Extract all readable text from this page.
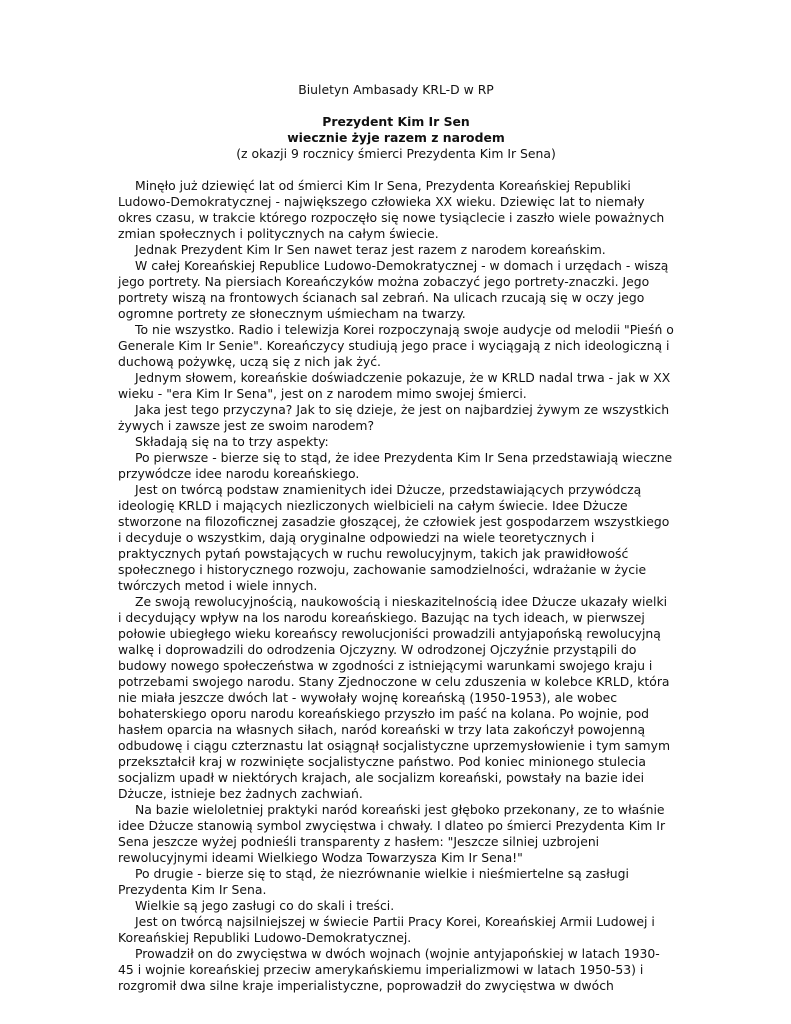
Biuletyn Ambasady KRL-D w RP
Prezydent Kim Ir Sen
wiecznie żyje razem z narodem
(z okazji 9 rocznicy śmierci Prezydenta Kim Ir Sena)

Minęło już dziewięć lat od śmierci Kim Ir Sena, Prezydenta Koreańskiej Republiki Ludowo-Demokratycznej - największego człowieka XX wieku. Dziewięc lat to niemały okres czasu, w trakcie którego rozpoczęło się nowe tysiąclecie i zaszło wiele poważnych zmian społecznych i politycznych na całym świecie.

Jednak Prezydent Kim Ir Sen nawet teraz jest razem z narodem koreańskim.

W całej Koreańskiej Republice Ludowo-Demokratycznej - w domach i urzędach - wiszą jego portrety. Na piersiach Koreańczyków można zobaczyć jego portrety-znaczki. Jego portrety wiszą na frontowych ścianach sal zebrań. Na ulicach rzucają się w oczy jego ogromne portrety ze słonecznym uśmiecham na twarzy.

To nie wszystko. Radio i telewizja Korei rozpoczynają swoje audycje od melodii "Pieśń o Generale Kim Ir Senie". Koreańczycy studiują jego prace i wyciągają z nich ideologiczną i duchową pożywkę, uczą się z nich jak żyć.

Jednym słowem, koreańskie doświadczenie pokazuje, że w KRLD nadal trwa - jak w XX wieku - "era Kim Ir Sena", jest on z narodem mimo swojej śmierci.

Jaka jest tego przyczyna? Jak to się dzieje, że jest on najbardziej żywym ze wszystkich żywych i zawsze jest ze swoim narodem?

Składają się na to trzy aspekty:

Po pierwsze - bierze się to stąd, że idee Prezydenta Kim Ir Sena przedstawiają wieczne przywódcze idee narodu koreańskiego.

Jest on twórcą podstaw znamienitych idei Dżucze, przedstawiających przywódczą ideologię KRLD i mających niezliczonych wielbicieli na całym świecie. Idee Dżucze stworzone na filozoficznej zasadzie głoszącej, że człowiek jest gospodarzem wszystkiego i decyduje o wszystkim, dają oryginalne odpowiedzi na wiele teoretycznych i praktycznych pytań powstających w ruchu rewolucyjnym, takich jak prawidłowość społecznego i historycznego rozwoju, zachowanie samodzielności, wdrażanie w życie twórczych metod i wiele innych.

Ze swoją rewolucyjnością, naukowością i nieskazitelnością idee Dżucze ukazały wielki i decydujący wpływ na los narodu koreańskiego. Bazując na tych ideach, w pierwszej połowie ubiegłego wieku koreańscy rewolucjoniści prowadzili antyjapońską rewolucyjną walkę i doprowadzili do odrodzenia Ojczyzny. W odrodzonej Ojczyźnie przystąpili do budowy nowego społeczeństwa w zgodności z istniejącymi warunkami swojego kraju i potrzebami swojego narodu. Stany Zjednoczone w celu zduszenia w kolebce KRLD, która nie miała jeszcze dwóch lat - wywołały wojnę koreańską (1950-1953), ale wobec bohaterskiego oporu narodu koreańskiego przyszło im paść na kolana. Po wojnie, pod hasłem oparcia na własnych siłach, naród koreański w trzy lata zakończył powojenną odbudowę i ciągu czterznastu lat osiągnął socjalistyczne uprzemysłowienie i tym samym przekształcił kraj w rozwinięte socjalistyczne państwo. Pod koniec minionego stulecia socjalizm upadł w niektórych krajach, ale socjalizm koreański, powstały na bazie idei Dżucze, istnieje bez żadnych zachwiań.

Na bazie wieloletniej praktyki naród koreański jest głęboko przekonany, ze to właśnie idee Dżucze stanowią symbol zwycięstwa i chwały. I dlateo po śmierci Prezydenta Kim Ir Sena jeszcze wyżej podnieśli transparenty z hasłem: "Jeszcze silniej uzbrojeni rewolucyjnymi ideami Wielkiego Wodza Towarzysza Kim Ir Sena!"

Po drugie - bierze się to stąd, że niezrównanie wielkie i nieśmiertelne są zasługi Prezydenta Kim Ir Sena.

Wielkie są jego zasługi co do skali i treści.

Jest on twórcą najsilniejszej w świecie Partii Pracy Korei, Koreańskiej Armii Ludowej i Koreańskiej Republiki Ludowo-Demokratycznej.

Prowadził on do zwycięstwa w dwóch wojnach (wojnie antyjapońskiej w latach 1930-45 i wojnie koreańskiej przeciw amerykańskiemu imperializmowi w latach 1950-53) i rozgromił dwa silne kraje imperialistyczne, poprowadził do zwycięstwa w dwóch
